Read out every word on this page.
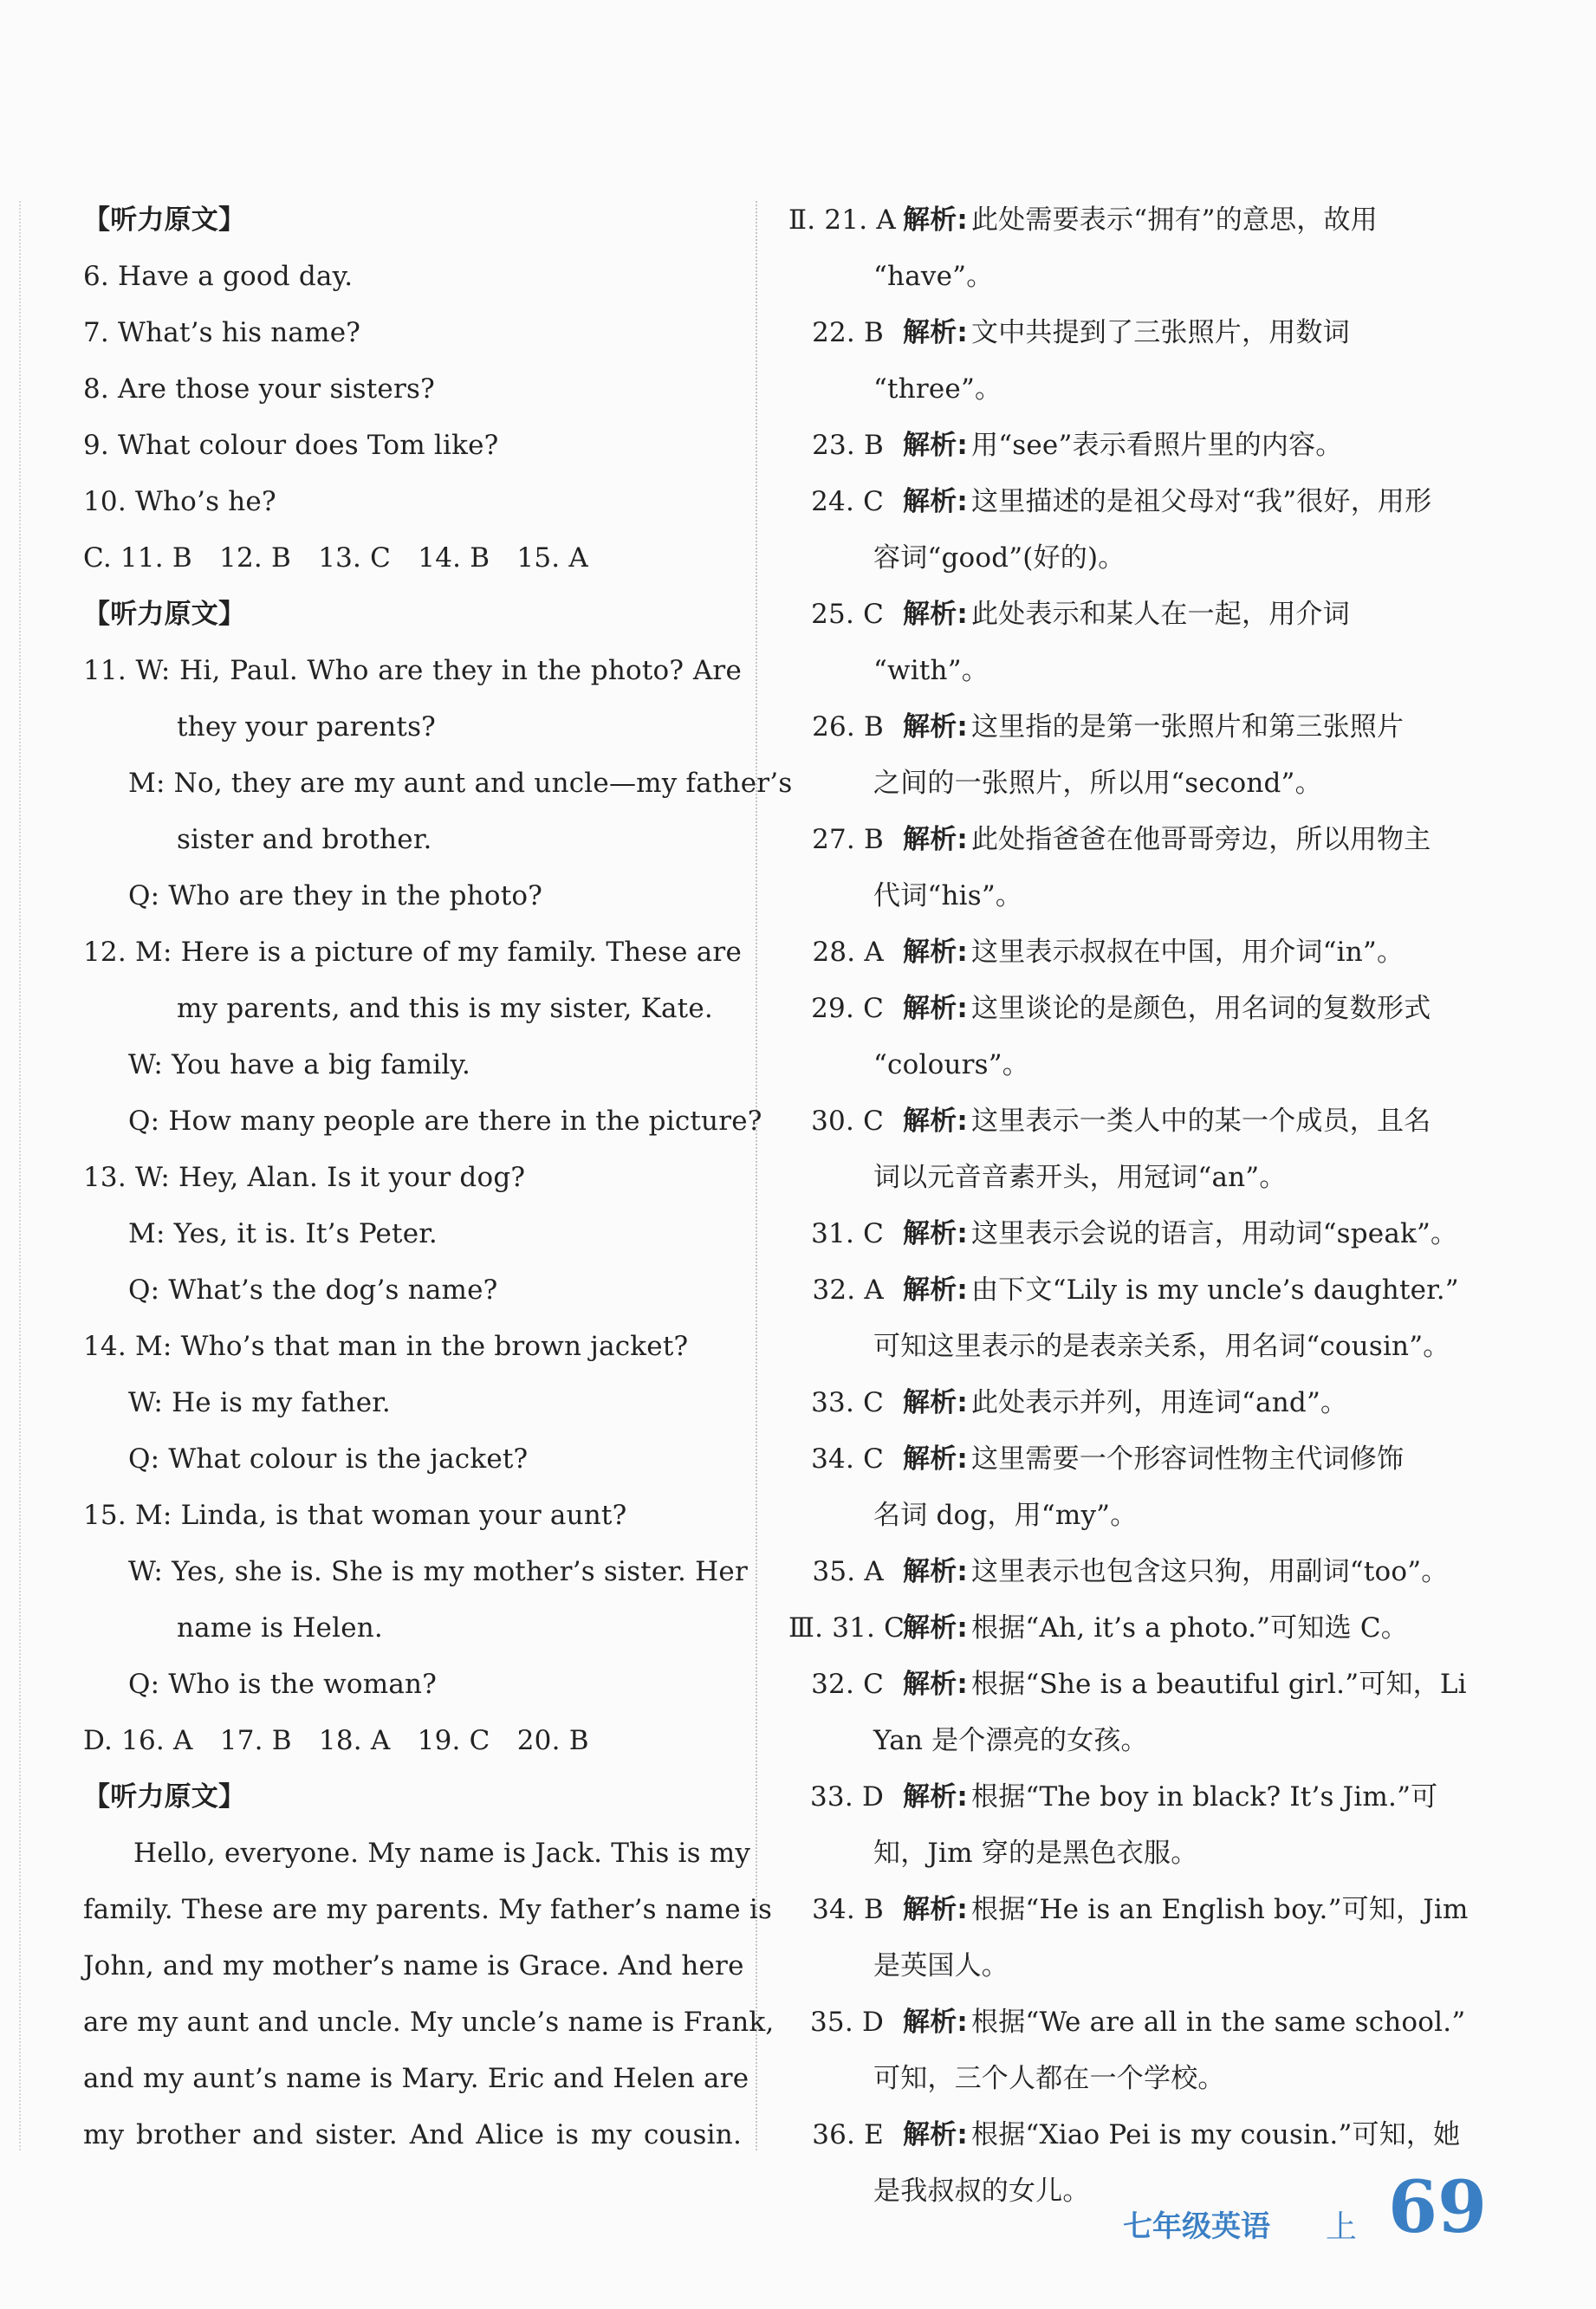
【听力原文】
6. Have a good day.
7. What’s his name?
8. Are those your sisters?
9. What colour does Tom like?
10. Who’s he?
C. 11. B　12. B　13. C　14. B　15. A
【听力原文】
11. W: Hi, Paul. Who are they in the photo? Are
they your parents?
M: No, they are my aunt and uncle—my father’s
sister and brother.
Q: Who are they in the photo?
12. M: Here is a picture of my family. These are
my parents, and this is my sister, Kate.
W: You have a big family.
Q: How many people are there in the picture?
13. W: Hey, Alan. Is it your dog?
M: Yes, it is. It’s Peter.
Q: What’s the dog’s name?
14. M: Who’s that man in the brown jacket?
W: He is my father.
Q: What colour is the jacket?
15. M: Linda, is that woman your aunt?
W: Yes, she is. She is my mother’s sister. Her
name is Helen.
Q: Who is the woman?
D. 16. A　17. B　18. A　19. C　20. B
【听力原文】
Hello, everyone. My name is Jack. This is my
family. These are my parents. My father’s name is
John, and my mother’s name is Grace. And here
are my aunt and uncle. My uncle’s name is Frank,
and my aunt’s name is Mary. Eric and Helen are
my brother and sister. And Alice is my cousin.
Ⅱ. 21. A 解析: 此处需要表示“拥有”的意思，故用
“have”。
22. B 解析: 文中共提到了三张照片，用数词
“three”。
23. B 解析: 用“see”表示看照片里的内容。
24. C 解析: 这里描述的是祖父母对“我”很好，用形
容词“good”(好的)。
25. C 解析: 此处表示和某人在一起，用介词
“with”。
26. B 解析: 这里指的是第一张照片和第三张照片
之间的一张照片，所以用“second”。
27. B 解析: 此处指爸爸在他哥哥旁边，所以用物主
代词“his”。
28. A 解析: 这里表示叔叔在中国，用介词“in”。
29. C 解析: 这里谈论的是颜色，用名词的复数形式
“colours”。
30. C 解析: 这里表示一类人中的某一个成员，且名
词以元音音素开头，用冠词“an”。
31. C 解析: 这里表示会说的语言，用动词“speak”。
32. A 解析: 由下文“Lily is my uncle’s daughter.”
可知这里表示的是表亲关系，用名词“cousin”。
33. C 解析: 此处表示并列，用连词“and”。
34. C 解析: 这里需要一个形容词性物主代词修饰
名词 dog，用“my”。
35. A 解析: 这里表示也包含这只狗，用副词“too”。
Ⅲ. 31. C解析: 根据“Ah, it’s a photo.”可知选 C。
32. C 解析: 根据“She is a beautiful girl.”可知，Li
Yan 是个漂亮的女孩。
33. D 解析: 根据“The boy in black? It’s Jim.”可
知，Jim 穿的是黑色衣服。
34. B 解析: 根据“He is an English boy.”可知，Jim
是英国人。
35. D 解析: 根据“We are all in the same school.”
可知，三个人都在一个学校。
36. E 解析: 根据“Xiao Pei is my cousin.”可知，她
是我叔叔的女儿。
七年级英语 上 69
